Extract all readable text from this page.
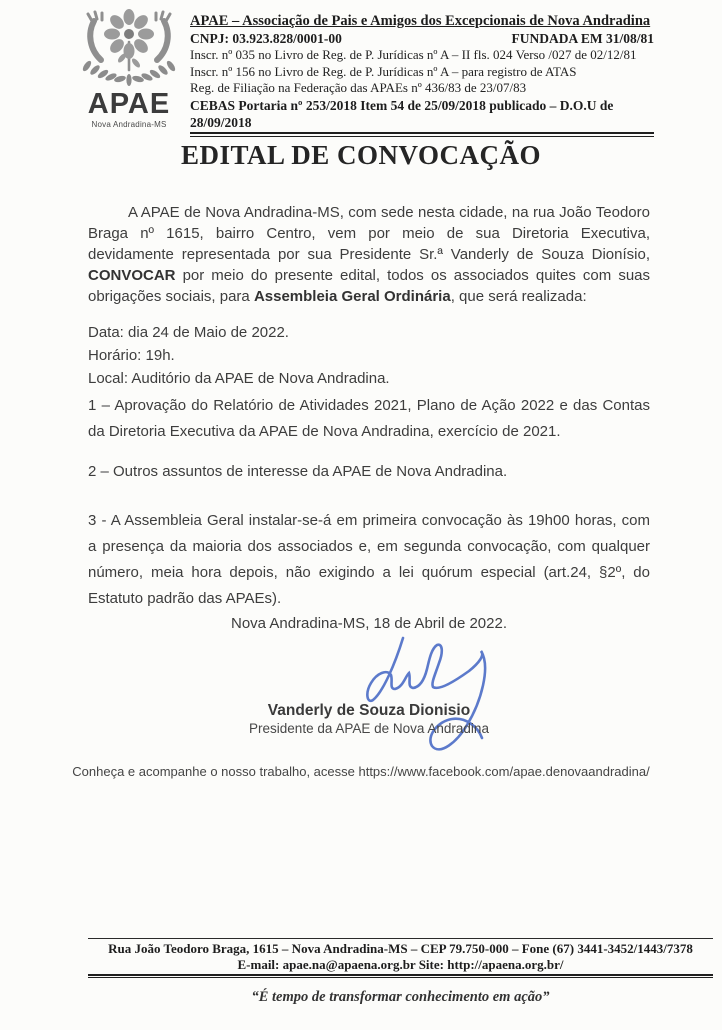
APAE
Nova Andradina-MS
APAE – Associação de Pais e Amigos dos Excepcionais de Nova Andradina
CNPJ: 03.923.828/0001-00	FUNDADA EM 31/08/81
Inscr. nº 035 no Livro de Reg. de P. Jurídicas nº A – II fls. 024 Verso /027 de 02/12/81
Inscr. nº 156 no Livro de Reg. de P. Jurídicas nº A – para registro de ATAS
Reg. de Filiação na Federação das APAEs nº 436/83 de 23/07/83
CEBAS Portaria nº 253/2018 Item 54 de 25/09/2018 publicado – D.O.U de 28/09/2018
EDITAL DE CONVOCAÇÃO

A APAE de Nova Andradina-MS, com sede nesta cidade, na rua João Teodoro Braga nº 1615, bairro Centro, vem por meio de sua Diretoria Executiva, devidamente representada por sua Presidente Sr.ª Vanderly de Souza Dionísio, CONVOCAR por meio do presente edital, todos os associados quites com suas obrigações sociais, para Assembleia Geral Ordinária, que será realizada:

Data: dia 24 de Maio de 2022.
Horário: 19h.
Local: Auditório da APAE de Nova Andradina.

1 – Aprovação do Relatório de Atividades 2021, Plano de Ação 2022 e das Contas da Diretoria Executiva da APAE de Nova Andradina, exercício de 2021.

2 – Outros assuntos de interesse da APAE de Nova Andradina.

3 - A Assembleia Geral instalar-se-á em primeira convocação às 19h00 horas, com a presença da maioria dos associados e, em segunda convocação, com qualquer número, meia hora depois, não exigindo a lei quórum especial (art.24, §2º, do Estatuto padrão das APAEs).

Nova Andradina-MS, 18 de Abril de 2022.

Vanderly de Souza Dionisio
Presidente da APAE de Nova Andradina
Conheça e acompanhe o nosso trabalho, acesse https://www.facebook.com/apae.denovaandradina/
Rua João Teodoro Braga, 1615 – Nova Andradina-MS – CEP 79.750-000 – Fone (67) 3441-3452/1443/7378
E-mail: apae.na@apaena.org.br Site: http://apaena.org.br/
“É tempo de transformar conhecimento em ação”
